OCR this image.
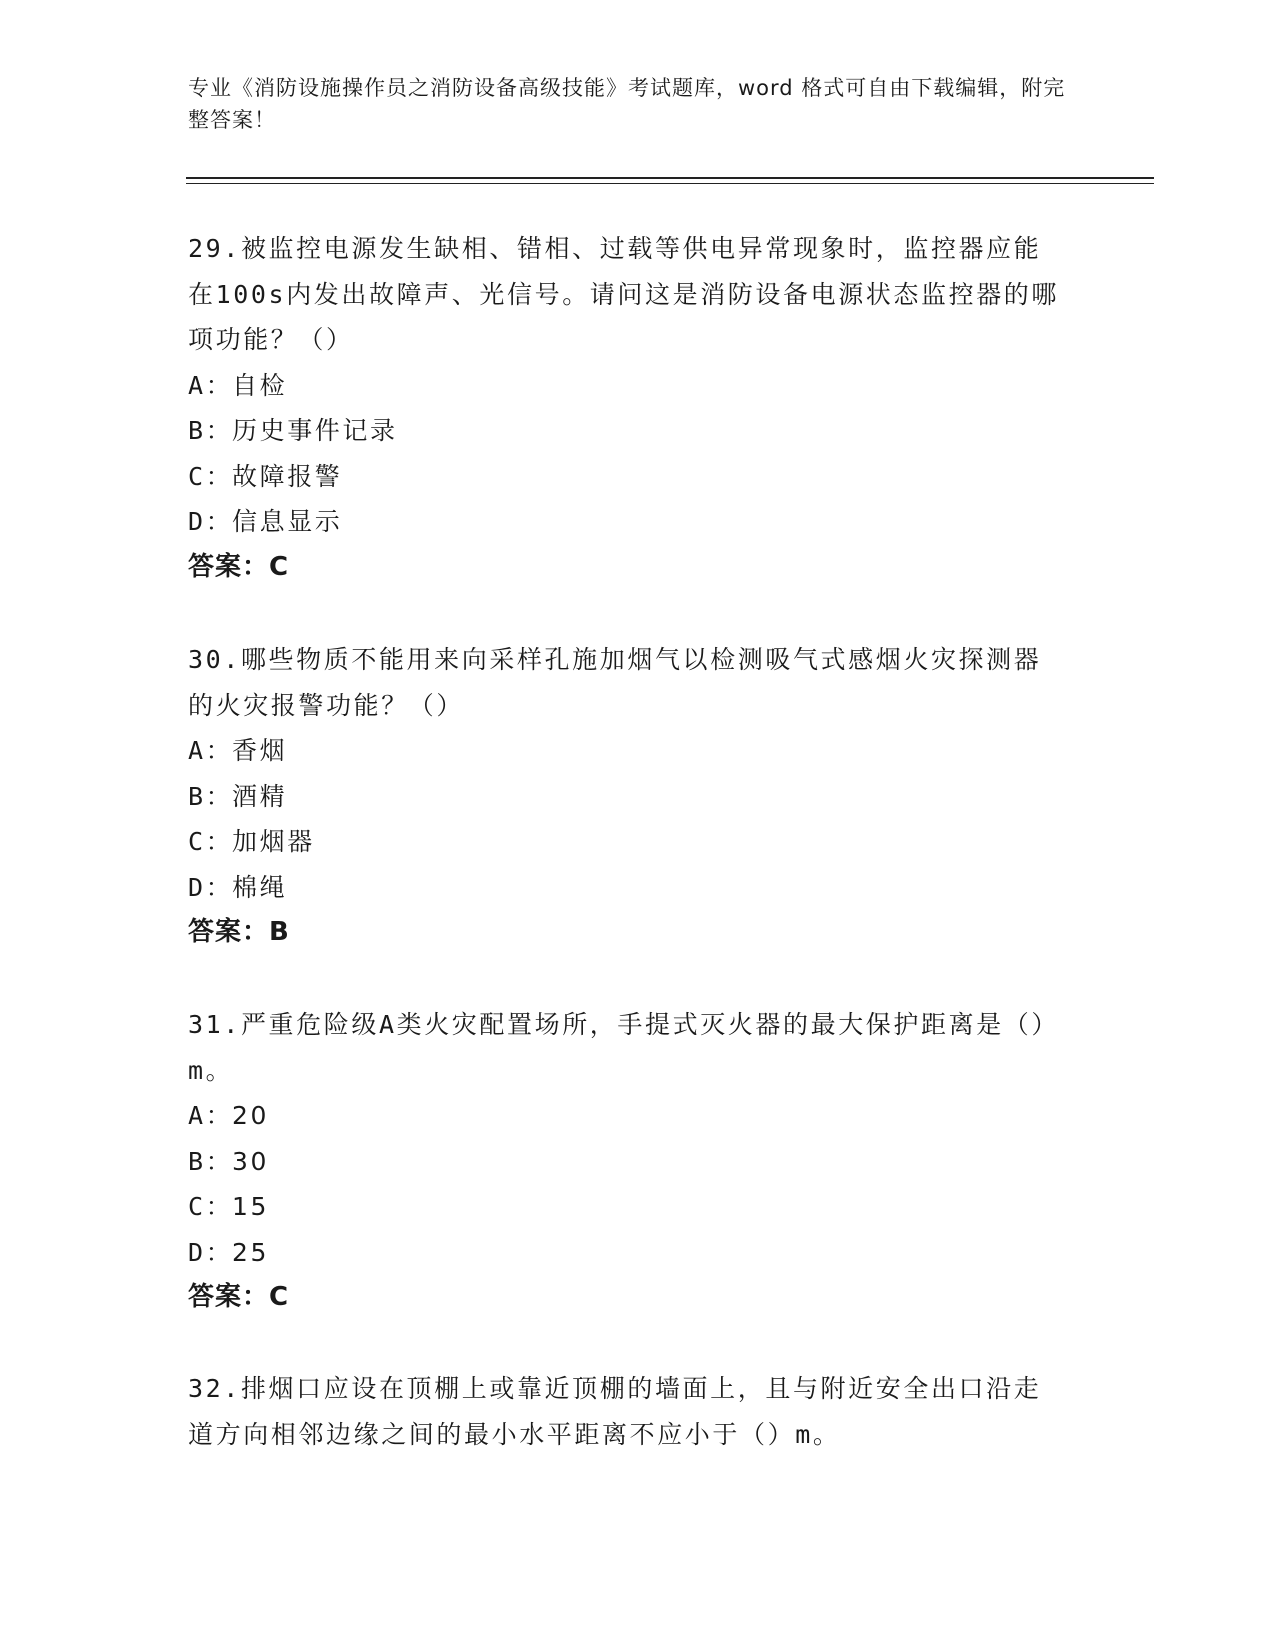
专业《消防设施操作员之消防设备高级技能》考试题库，word 格式可自由下载编辑，附完整答案！

29.被监控电源发生缺相、错相、过载等供电异常现象时，监控器应能在100s内发出故障声、光信号。请问这是消防设备电源状态监控器的哪项功能？（）

A：
自检
B：
历史事件记录
C：
故障报警
D：
信息显示
答案：C

30.哪些物质不能用来向采样孔施加烟气以检测吸气式感烟火灾探测器的火灾报警功能？（）

A：
香烟
B：
酒精
C：
加烟器
D：
棉绳
答案：B

31.严重危险级A类火灾配置场所，手提式灭火器的最大保护距离是（）m。

A：
20
B：
30
C：
15
D：
25
答案：C

32.排烟口应设在顶棚上或靠近顶棚的墙面上，且与附近安全出口沿走道方向相邻边缘之间的最小水平距离不应小于（）m。
